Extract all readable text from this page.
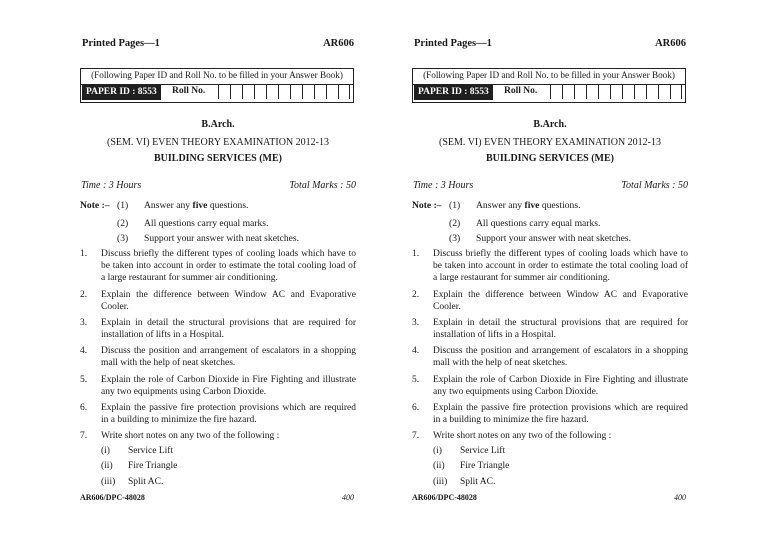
Printed Pages—1	AR606
(Following Paper ID and Roll No. to be filled in your Answer Book)
PAPER ID : 8553	Roll No.
B.Arch.
(SEM. VI) EVEN THEORY EXAMINATION 2012-13
BUILDING SERVICES (ME)
Time : 3 Hours	Total Marks : 50
Note :– (1) Answer any five questions.
(2) All questions carry equal marks.
(3) Support your answer with neat sketches.
1. Discuss briefly the different types of cooling loads which have to be taken into account in order to estimate the total cooling load of a large restaurant for summer air conditioning.
2. Explain the difference between Window AC and Evaporative Cooler.
3. Explain in detail the structural provisions that are required for installation of lifts in a Hospital.
4. Discuss the position and arrangement of escalators in a shopping mall with the help of neat sketches.
5. Explain the role of Carbon Dioxide in Fire Fighting and illustrate any two equipments using Carbon Dioxide.
6. Explain the passive fire protection provisions which are required in a building to minimize the fire hazard.
7. Write short notes on any two of the following :
(i) Service Lift
(ii) Fire Triangle
(iii) Split AC.
AR606/DPC-48028	400
Printed Pages—1	AR606
(Following Paper ID and Roll No. to be filled in your Answer Book)
PAPER ID : 8553	Roll No.
B.Arch.
(SEM. VI) EVEN THEORY EXAMINATION 2012-13
BUILDING SERVICES (ME)
Time : 3 Hours	Total Marks : 50
Note :– (1) Answer any five questions.
(2) All questions carry equal marks.
(3) Support your answer with neat sketches.
1. Discuss briefly the different types of cooling loads which have to be taken into account in order to estimate the total cooling load of a large restaurant for summer air conditioning.
2. Explain the difference between Window AC and Evaporative Cooler.
3. Explain in detail the structural provisions that are required for installation of lifts in a Hospital.
4. Discuss the position and arrangement of escalators in a shopping mall with the help of neat sketches.
5. Explain the role of Carbon Dioxide in Fire Fighting and illustrate any two equipments using Carbon Dioxide.
6. Explain the passive fire protection provisions which are required in a building to minimize the fire hazard.
7. Write short notes on any two of the following :
(i) Service Lift
(ii) Fire Triangle
(iii) Split AC.
AR606/DPC-48028	400
